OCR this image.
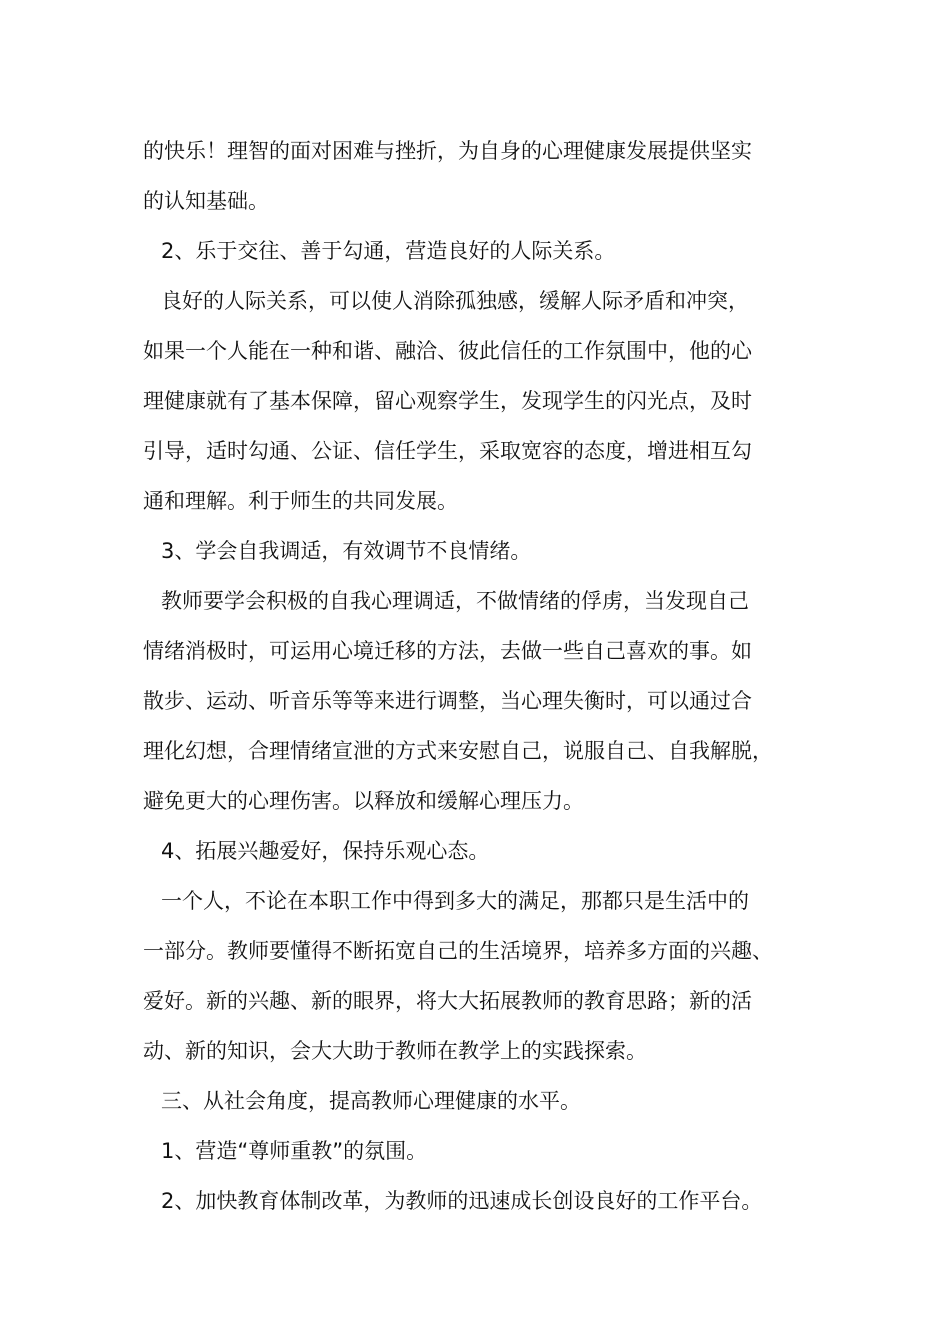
的快乐！理智的面对困难与挫折，为自身的心理健康发展提供坚实
的认知基础。
2、乐于交往、善于勾通，营造良好的人际关系。
良好的人际关系，可以使人消除孤独感，缓解人际矛盾和冲突，
如果一个人能在一种和谐、融洽、彼此信任的工作氛围中，他的心
理健康就有了基本保障，留心观察学生，发现学生的闪光点，及时
引导，适时勾通、公证、信任学生，采取宽容的态度，增进相互勾
通和理解。利于师生的共同发展。
3、学会自我调适，有效调节不良情绪。
教师要学会积极的自我心理调适，不做情绪的俘虏，当发现自己
情绪消极时，可运用心境迁移的方法，去做一些自己喜欢的事。如
散步、运动、听音乐等等来进行调整，当心理失衡时，可以通过合
理化幻想，合理情绪宣泄的方式来安慰自己，说服自己、自我解脱，
避免更大的心理伤害。以释放和缓解心理压力。
4、拓展兴趣爱好，保持乐观心态。
一个人，不论在本职工作中得到多大的满足，那都只是生活中的
一部分。教师要懂得不断拓宽自己的生活境界，培养多方面的兴趣、
爱好。新的兴趣、新的眼界，将大大拓展教师的教育思路；新的活
动、新的知识，会大大助于教师在教学上的实践探索。
三、从社会角度，提高教师心理健康的水平。
1、营造“尊师重教”的氛围。
2、加快教育体制改革，为教师的迅速成长创设良好的工作平台。
